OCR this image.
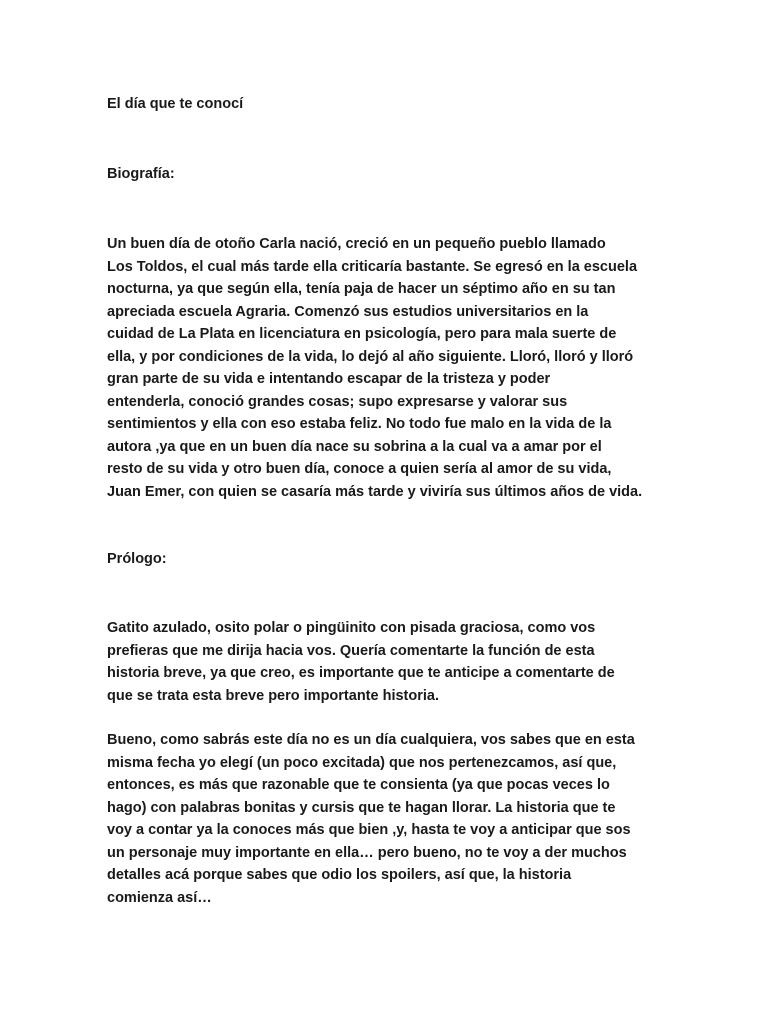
El día que te conocí

Biografía:

Un buen día de otoño Carla nació, creció en un pequeño pueblo llamado
Los Toldos, el cual más tarde ella criticaría bastante. Se egresó en la escuela
nocturna, ya que según ella, tenía paja de hacer un séptimo año en su tan
apreciada escuela Agraria. Comenzó sus estudios universitarios en la
cuidad de La Plata en licenciatura en psicología, pero para mala suerte de
ella, y por condiciones de la vida, lo dejó al año siguiente. Lloró, lloró y lloró
gran parte de su vida e intentando escapar de la tristeza y poder
entenderla, conoció grandes cosas; supo expresarse y valorar sus
sentimientos y ella con eso estaba feliz. No todo fue malo en la vida de la
autora ,ya que en un buen día nace su sobrina a la cual va a amar por el
resto de su vida y otro buen día, conoce a quien sería al amor de su vida,
Juan Emer, con quien se casaría más tarde y viviría sus últimos años de vida.

Prólogo:

Gatito azulado, osito polar o pingüinito con pisada graciosa, como vos
prefieras que me dirija hacia vos. Quería comentarte la función de esta
historia breve, ya que creo, es importante que te anticipe a comentarte de
que se trata esta breve pero importante historia.
Bueno, como sabrás este día no es un día cualquiera, vos sabes que en esta
misma fecha yo elegí (un poco excitada) que nos pertenezcamos, así que,
entonces, es más que razonable que te consienta (ya que pocas veces lo
hago) con palabras bonitas y cursis que te hagan llorar. La historia que te
voy a contar ya la conoces más que bien ,y, hasta te voy a anticipar que sos
un personaje muy importante en ella… pero bueno, no te voy a der muchos
detalles acá porque sabes que odio los spoilers, así que, la historia
comienza así…
